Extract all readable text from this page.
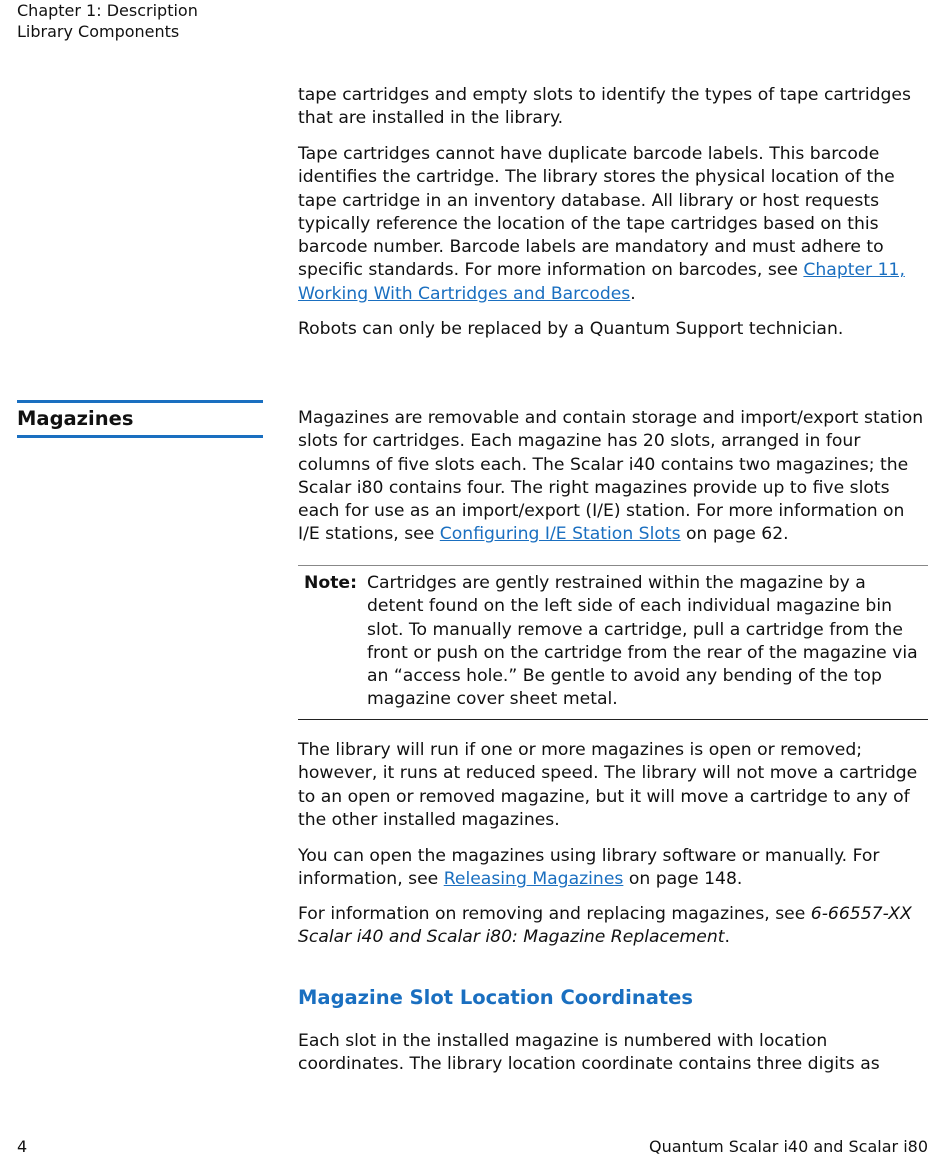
Chapter 1: Description
Library Components

tape cartridges and empty slots to identify the types of tape cartridges that are installed in the library.

Tape cartridges cannot have duplicate barcode labels. This barcode identifies the cartridge. The library stores the physical location of the tape cartridge in an inventory database. All library or host requests typically reference the location of the tape cartridges based on this barcode number. Barcode labels are mandatory and must adhere to specific standards. For more information on barcodes, see Chapter 11, Working With Cartridges and Barcodes.

Robots can only be replaced by a Quantum Support technician.

Magazines	Magazines are removable and contain storage and import/export station slots for cartridges. Each magazine has 20 slots, arranged in four columns of five slots each. The Scalar i40 contains two magazines; the Scalar i80 contains four. The right magazines provide up to five slots each for use as an import/export (I/E) station. For more information on I/E stations, see Configuring I/E Station Slots on page 62.

Note: Cartridges are gently restrained within the magazine by a detent found on the left side of each individual magazine bin slot. To manually remove a cartridge, pull a cartridge from the front or push on the cartridge from the rear of the magazine via an “access hole.” Be gentle to avoid any bending of the top magazine cover sheet metal.

The library will run if one or more magazines is open or removed; however, it runs at reduced speed. The library will not move a cartridge to an open or removed magazine, but it will move a cartridge to any of the other installed magazines.

You can open the magazines using library software or manually. For information, see Releasing Magazines on page 148.

For information on removing and replacing magazines, see 6-66557-XX Scalar i40 and Scalar i80: Magazine Replacement.

Magazine Slot Location Coordinates

Each slot in the installed magazine is numbered with location coordinates. The library location coordinate contains three digits as

4	Quantum Scalar i40 and Scalar i80
